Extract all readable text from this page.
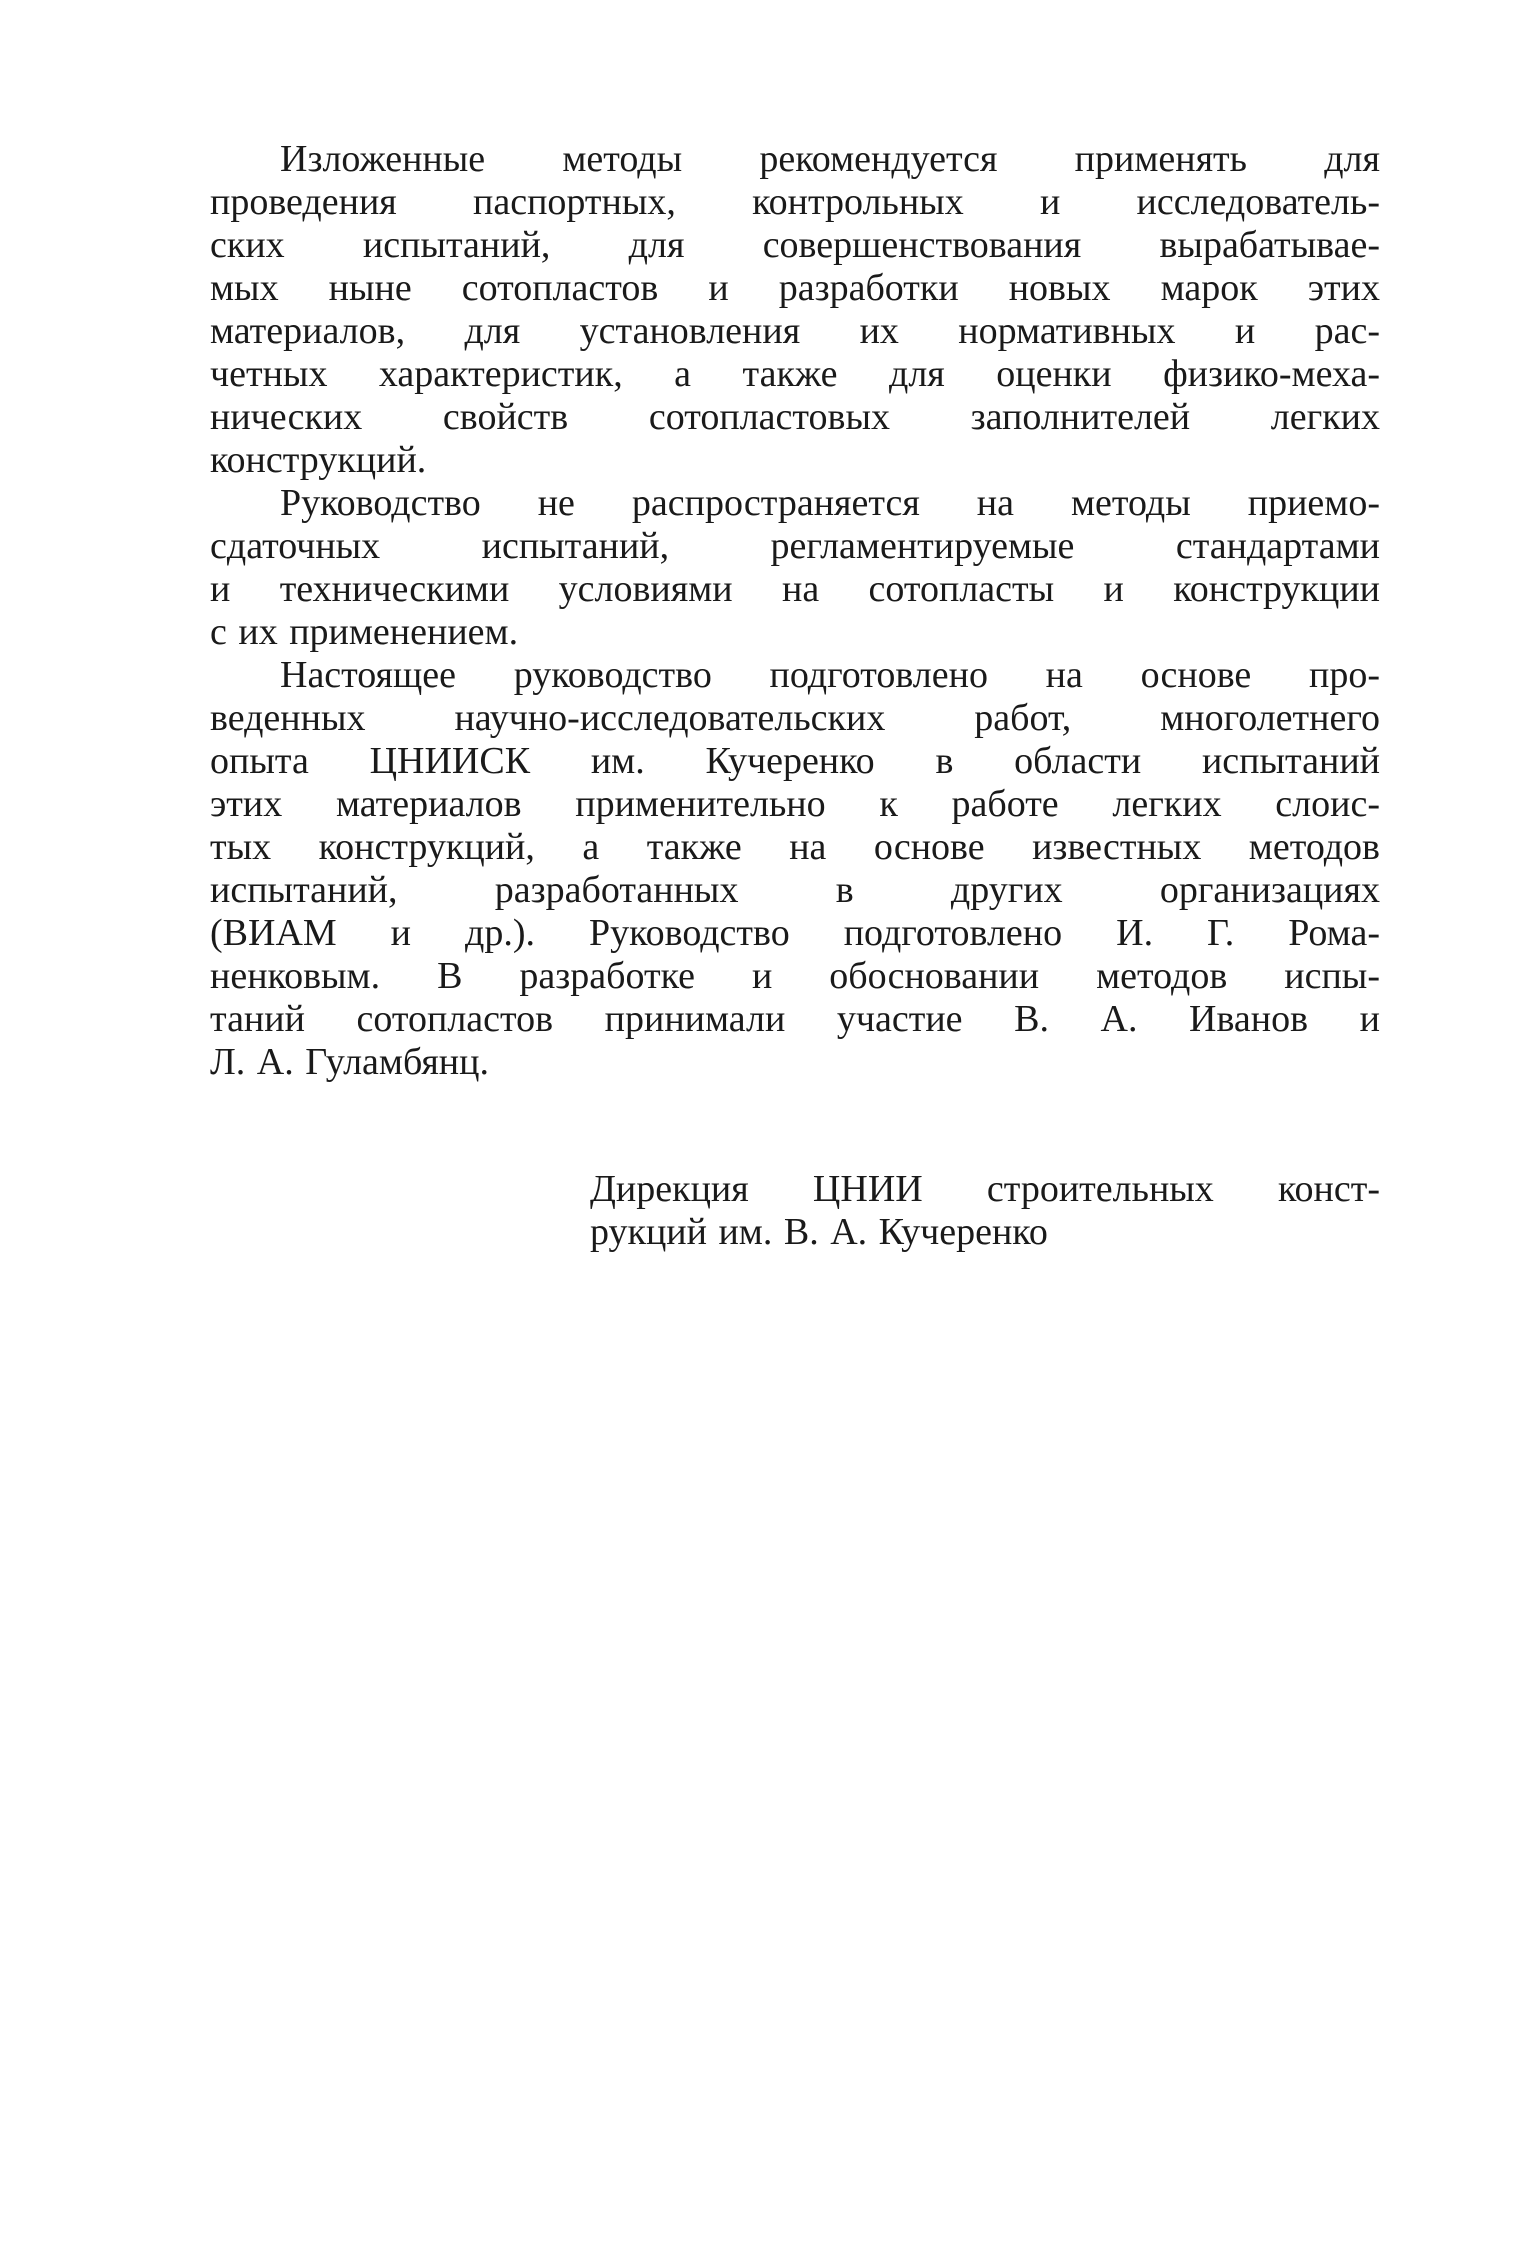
Изложенные методы рекомендуется применять для
проведения паспортных, контрольных и исследователь-
ских испытаний, для совершенствования вырабатывае-
мых ныне сотопластов и разработки новых марок этих
материалов, для установления их нормативных и рас-
четных характеристик, а также для оценки физико-меха-
нических свойств сотопластовых заполнителей легких
конструкций.
Руководство не распространяется на методы приемо-
сдаточных испытаний, регламентируемые стандартами
и техническими условиями на сотопласты и конструкции
с их применением.
Настоящее руководство подготовлено на основе про-
веденных научно-исследовательских работ, многолетнего
опыта ЦНИИСК им. Кучеренко в области испытаний
этих материалов применительно к работе легких слоис-
тых конструкций, а также на основе известных методов
испытаний, разработанных в других организациях
(ВИАМ и др.). Руководство подготовлено И. Г. Рома-
ненковым. В разработке и обосновании методов испы-
таний сотопластов принимали участие В. А. Иванов и
Л. А. Гуламбянц.
Дирекция ЦНИИ строительных конст-
рукций им. В. А. Кучеренко
